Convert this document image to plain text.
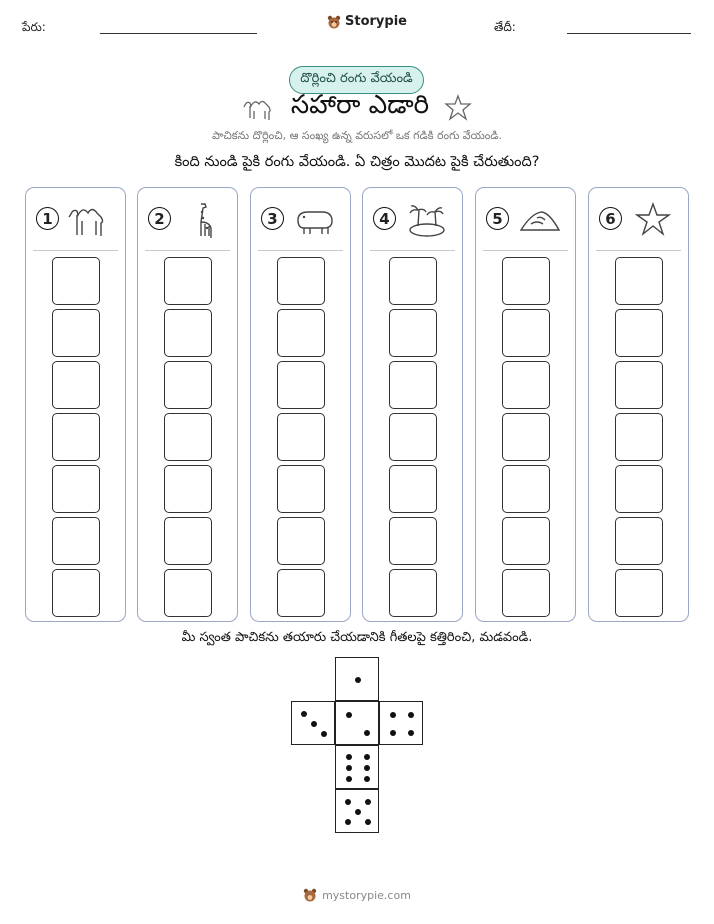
పేరు:	Storypie	తేదీ:
దొర్లించి రంగు వేయండి
సహారా ఎడారి
పాచికను దొర్లించి, ఆ సంఖ్య ఉన్న వరుసలో ఒక గడికి రంగు వేయండి.
కింది నుండి పైకి రంగు వేయండి. ఏ చిత్రం మొదట పైకి చేరుతుంది?
1	2	3	4	5	6
మీ స్వంత పాచికను తయారు చేయడానికి గీతలపై కత్తిరించి, మడవండి.
mystorypie.com
